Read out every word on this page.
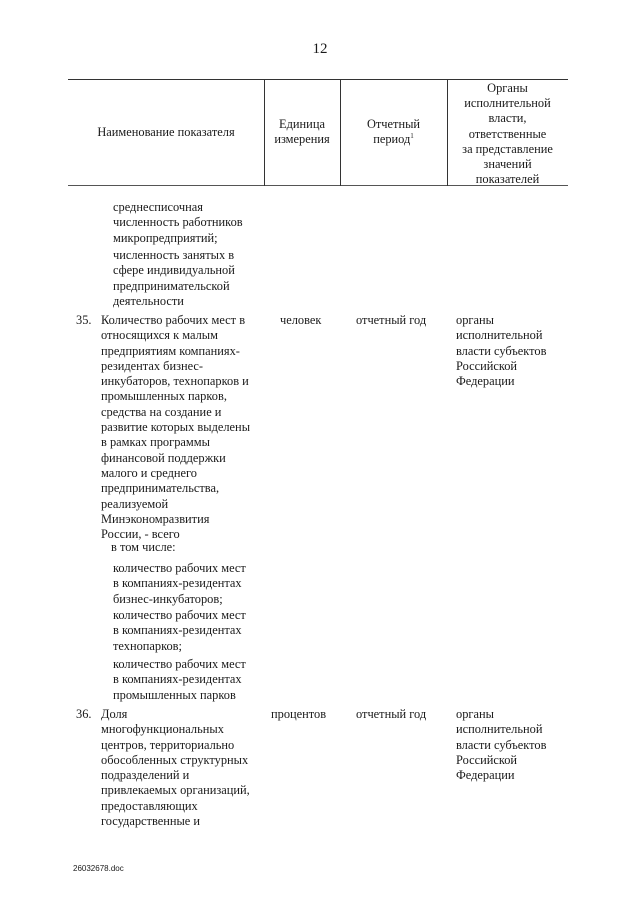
12
Наименование показателя
Единица
измерения
Отчетный
период$^1$
Органы
исполнительной
власти,
ответственные
за представление
значений
показателей
среднесписочная
численность работников
микропредприятий;
численность занятых в
сфере индивидуальной
предпринимательской
деятельности
35. Количество рабочих мест в
относящихся к малым
предприятиям компаниях-
резидентах бизнес-
инкубаторов, технопарков и
промышленных парков,
средства на создание и
развитие которых выделены
в рамках программы
финансовой поддержки
малого и среднего
предпринимательства,
реализуемой
Минэкономразвития
России, - всего
человек	отчетный год органы
исполнительной
власти субъектов
Российской
Федерации
в том числе:
количество рабочих мест
в компаниях-резидентах
бизнес-инкубаторов;
количество рабочих мест
в компаниях-резидентах
технопарков;
количество рабочих мест
в компаниях-резидентах
промышленных парков
36. Доля
многофункциональных
центров, территориально
обособленных структурных
подразделений и
привлекаемых организаций,
предоставляющих
государственные и
процентов отчетный год органы
исполнительной
власти субъектов
Российской
Федерации
26032678.doc
